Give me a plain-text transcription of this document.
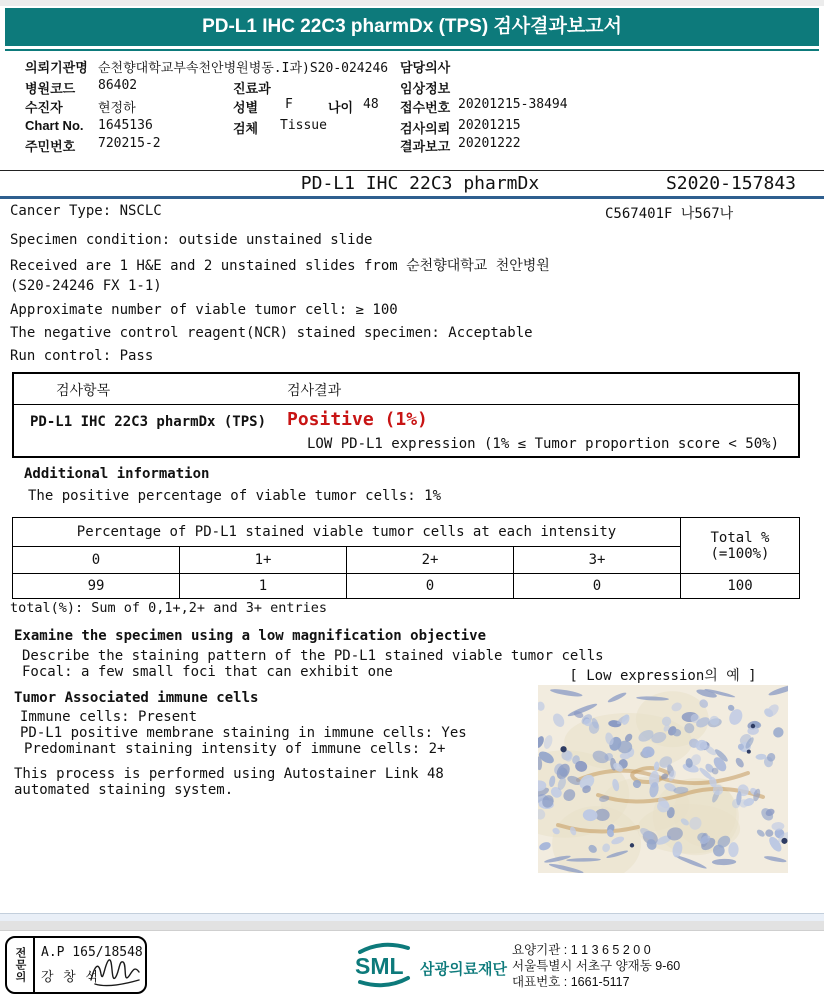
PD-L1 IHC 22C3 pharmDx (TPS) 검사결과보고서
의뢰기관명 순천향대학교부속천안병원병동.I과)S20-024246
병원코드 86402
수진자	현정하
Chart No. 1645136
주민번호 720215-2
진료과
성별 F	나이 48
검체 Tissue
담당의사
임상정보
접수번호 20201215-38494
검사의뢰 20201215
결과보고 20201222
PD-L1 IHC 22C3 pharmDx	S2020-157843
Cancer Type: NSCLC	C567401F 나567나
Specimen condition: outside unstained slide
Received are 1 H&E and 2 unstained slides from 순천향대학교 천안병원
(S20-24246 FX 1-1)
Approximate number of viable tumor cell: ≥ 100
The negative control reagent(NCR) stained specimen: Acceptable
Run control: Pass
검사항목	검사결과
PD-L1 IHC 22C3 pharmDx (TPS) Positive (1%)
LOW PD-L1 expression (1% ≤ Tumor proportion score < 50%)
Additional information
The positive percentage of viable tumor cells: 1%
Percentage of PD-L1 stained viable tumor cells at each intensity				Total %
(=100%)

0	1+	2+	3+	
99	1	0	0	100
total(%): Sum of 0,1+,2+ and 3+ entries
Examine the specimen using a low magnification objective
Describe the staining pattern of the PD-L1 stained viable tumor cells
Focal: a few small foci that can exhibit one	[ Low expression의 예 ]
Tumor Associated immune cells
Immune cells: Present
PD-L1 positive membrane staining in immune cells: Yes
Predominant staining intensity of immune cells: 2+
This process is performed using Autostainer Link 48
automated staining system.
전문의	A.P 165/18548
강 창 석	SML 삼광의료재단
요양기관 : 1 1 3 6 5 2 0 0
서울특별시 서초구 양재동 9-60
대표번호 : 1661-5117
